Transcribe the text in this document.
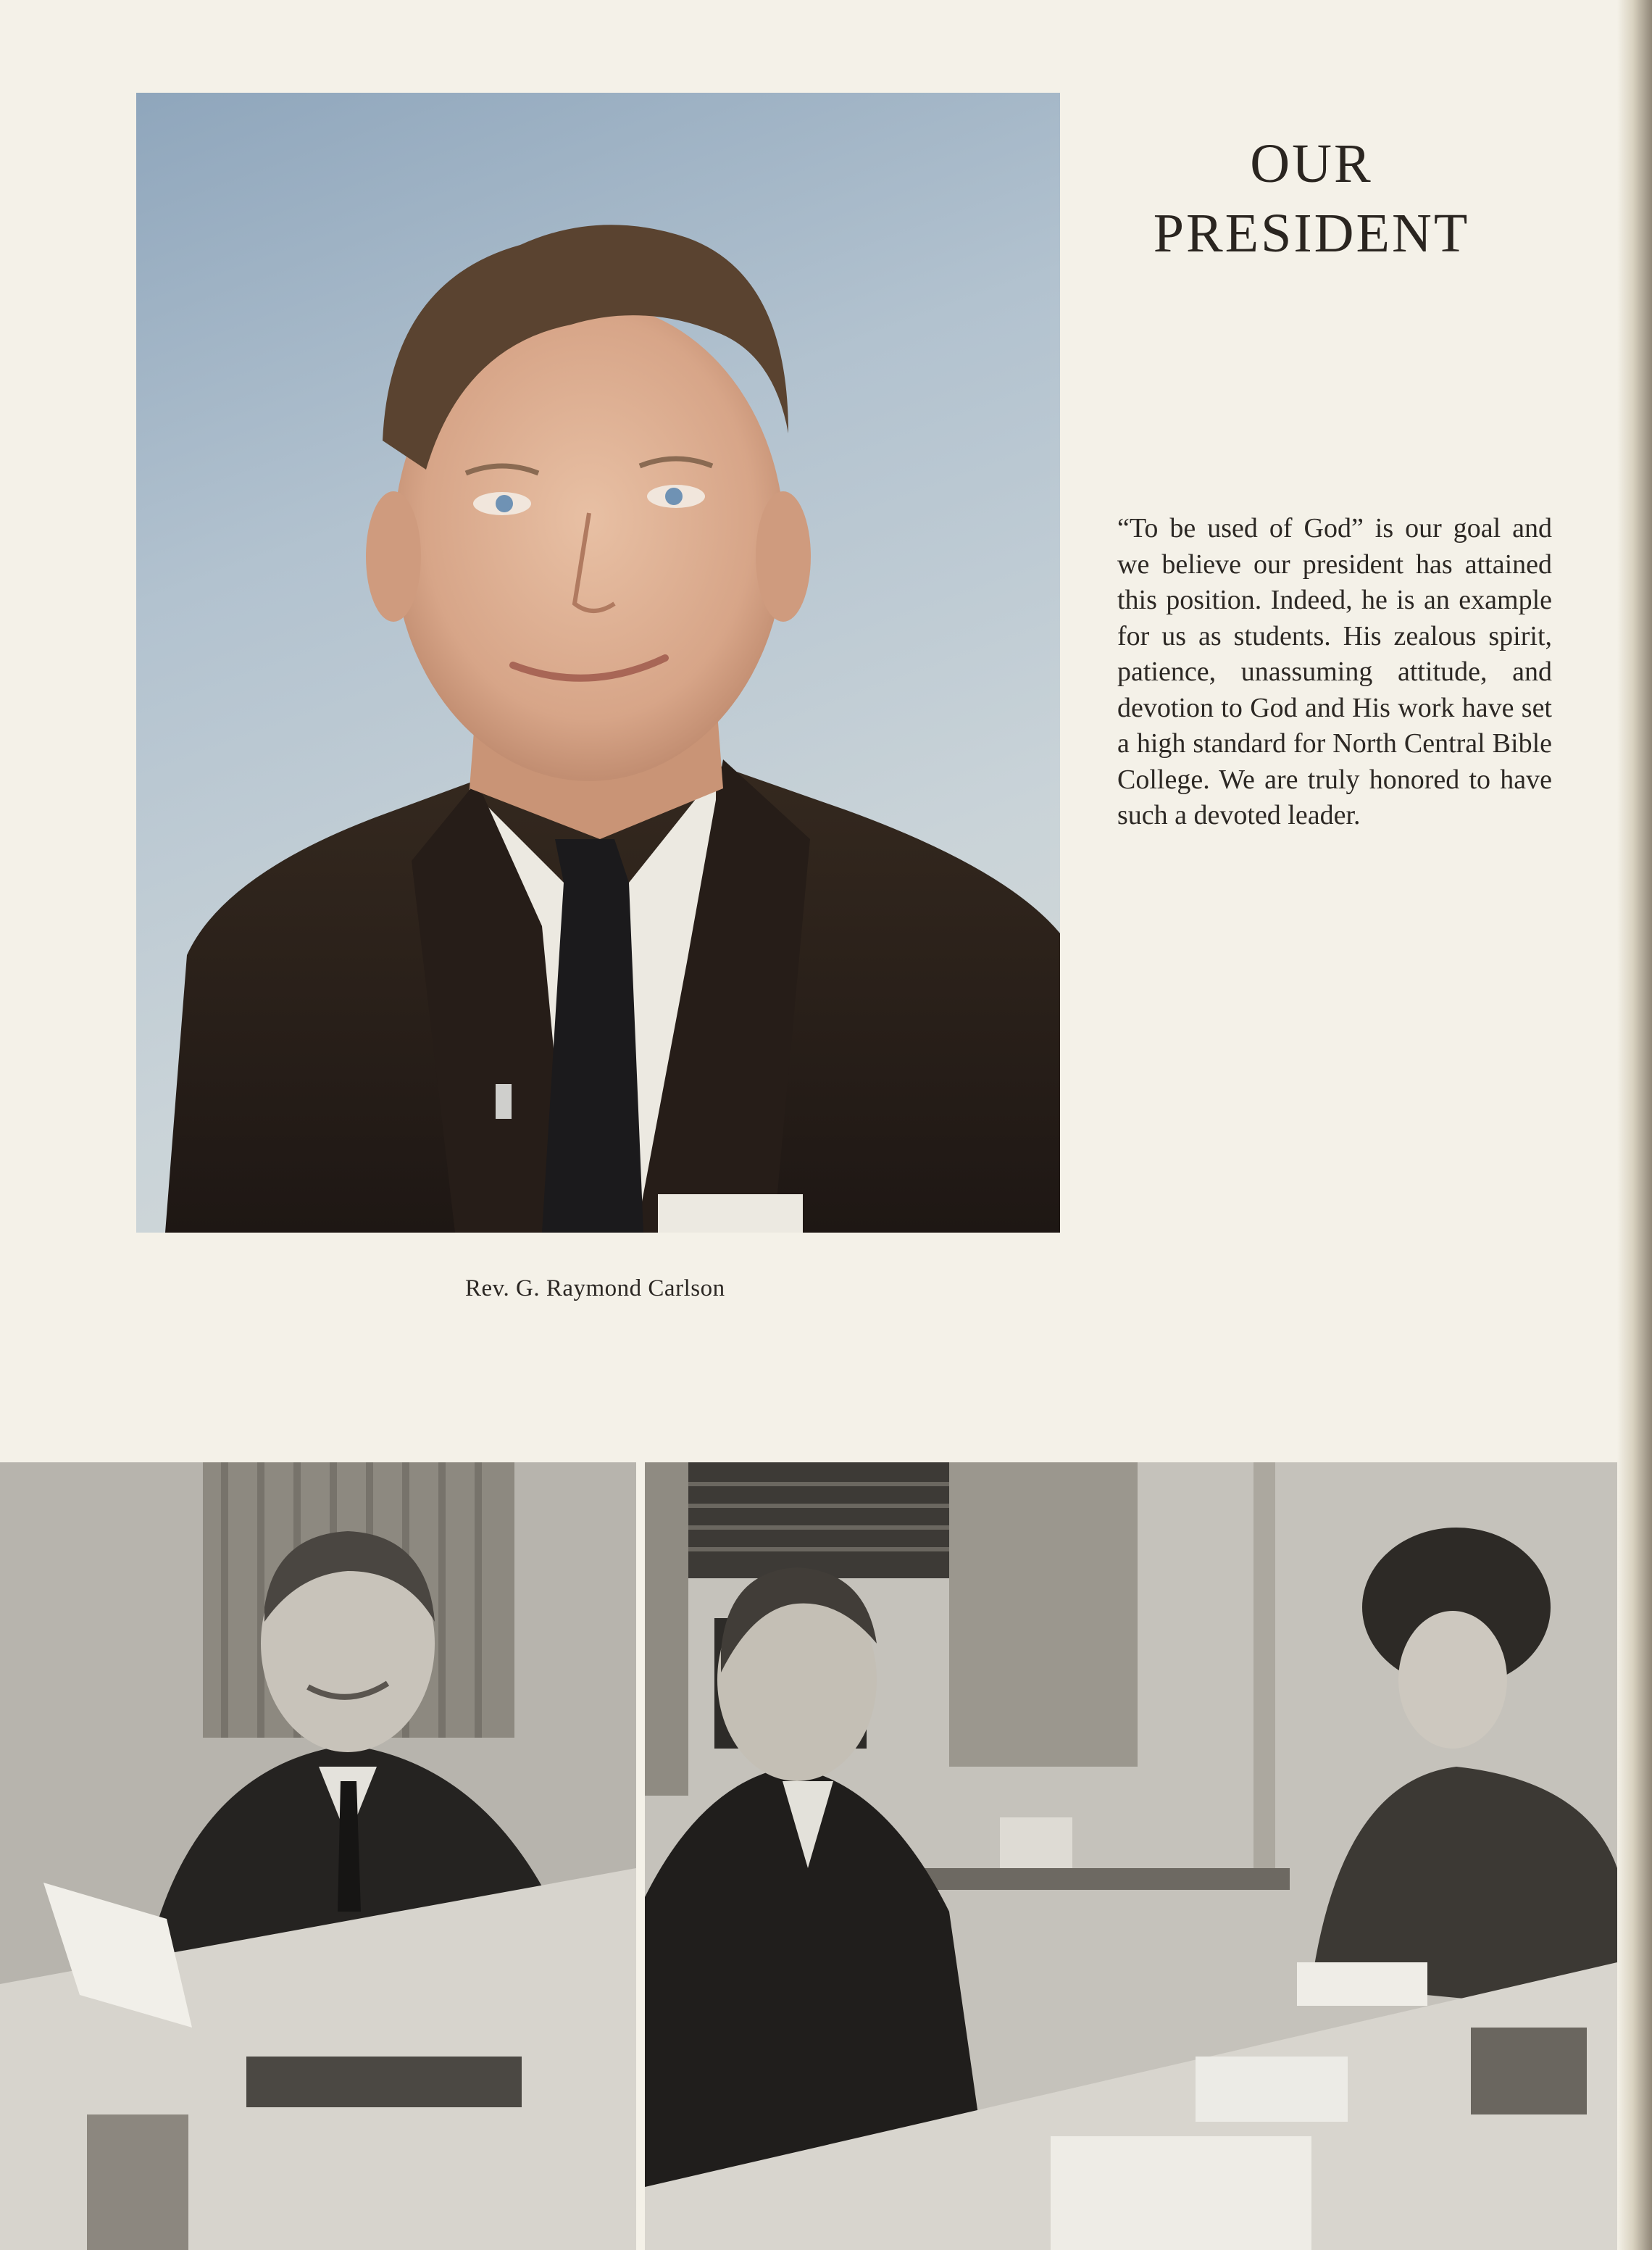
OUR
PRESIDENT

“To be used of God” is our goal and we believe our president has attained this position. Indeed, he is an example for us as students. His zealous spirit, patience, unassuming attitude, and devotion to God and His work have set a high standard for North Central Bible College. We are truly honored to have such a devoted leader.

Rev. G. Raymond Carlson
